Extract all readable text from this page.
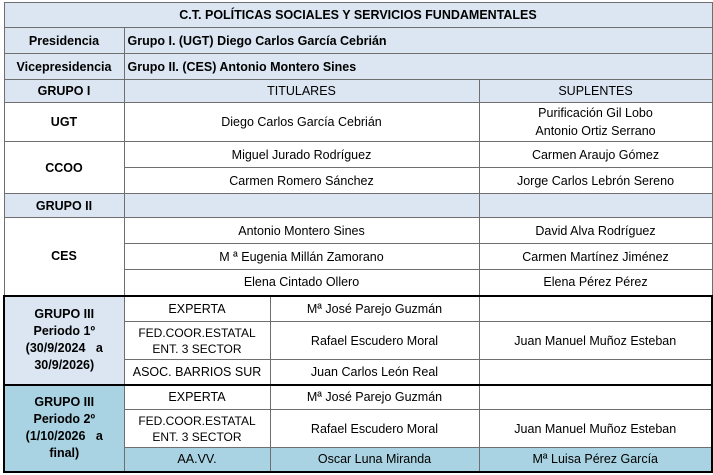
C.T. POLÍTICAS SOCIALES Y SERVICIOS FUNDAMENTALES			
Presidencia	Grupo I. (UGT) Diego Carlos García Cebrián		
Vicepresidencia	Grupo II. (CES) Antonio Montero Sines		
GRUPO I	TITULARES		SUPLENTES
UGT	Diego Carlos García Cebrián		Purificación Gil Lobo
Antonio Ortiz Serrano

CCOO	Miguel Jurado Rodríguez		Carmen Araujo Gómez
	Carmen Romero Sánchez		Jorge Carlos Lebrón Sereno
GRUPO II			
CES	Antonio Montero Sines		David Alva Rodríguez
	M ª Eugenia Millán Zamorano		Carmen Martínez Jiménez
	Elena Cintado Ollero		Elena Pérez Pérez

GRUPO III
Periodo 1º
(30/9/2024   a
30/9/2026)	EXPERTA	Mª José Parejo Guzmán	

	FED.COOR.ESTATAL
ENT. 3 SECTOR	Rafael Escudero Moral	Juan Manuel Muñoz Esteban
	ASOC. BARRIOS SUR	Juan Carlos León Real	

GRUPO III
Periodo 2º
(1/10/2026   a
final)	EXPERTA	Mª José Parejo Guzmán	

	FED.COOR.ESTATAL
ENT. 3 SECTOR	Rafael Escudero Moral	Juan Manuel Muñoz Esteban
	AA.VV.	Oscar Luna Miranda	Mª Luisa Pérez García
